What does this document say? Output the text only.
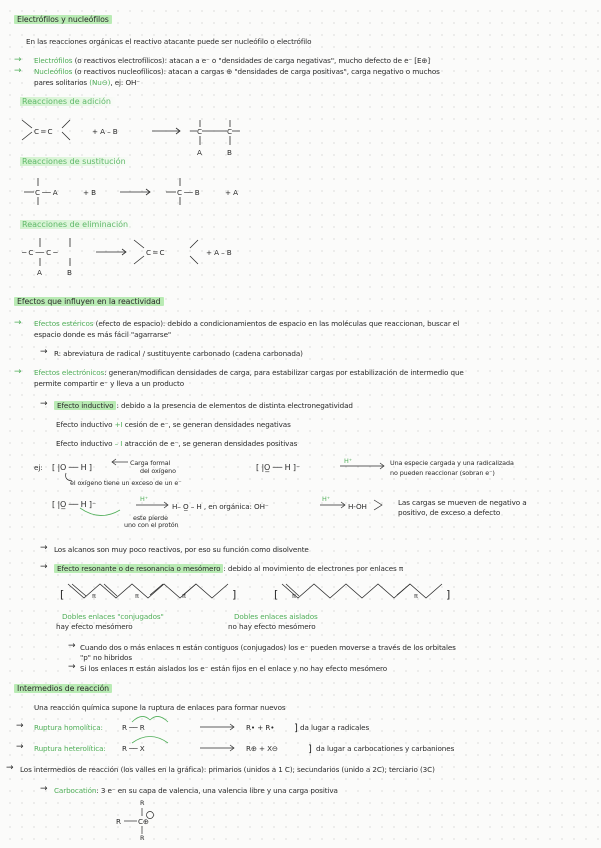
Electrófilos y nucleófilos
En las reacciones orgánicas el reactivo atacante puede ser nucleófilo o electrófilo
→ Electrófilos (o reactivos electrofílicos): atacan a e⁻ o "densidades de carga negativas", mucho defecto de e⁻ [E⊕]
→ Nucleófilos (o reactivos nucleofílicos): atacan a cargas ⊕ "densidades de carga positivas", carga negativo o muchos
pares solitarios (Nu⊖), ej: OH⁻
Reacciones de adición
C ═ C	+ A – B	C	C
A	B
Reacciones de sustitución
C ── A	+ B	C ── B	+ A
Reacciones de eliminación
─ C ── C ─
A	B
C ═ C	+ A – B
Efectos que influyen en la reactividad
→ Efectos estéricos (efecto de espacio): debido a condicionamientos de espacio en las moléculas que reaccionan, buscar el
espacio donde es más fácil "agarrarse"
→ R: abreviatura de radical / sustituyente carbonado (cadena carbonada)
→ Efectos electrónicos: generan/modifican densidades de carga, para estabilizar cargas por estabilización de intermedio que
permite compartir e⁻ y lleva a un producto
→	Efecto inductivo : debido a la presencia de elementos de distinta electronegatividad
Efecto inductivo +I cesión de e⁻, se generan densidades negativas
Efecto inductivo – I atracción de e⁻, se generan densidades positivas
ej: [ |O ── H ]	Carga formal
del oxígeno
el oxígeno tiene un exceso de un e⁻
[ |O̲ ── H ]⁻
H⁺	Una especie cargada y una radicalizada
no pueden reaccionar (sobran e⁻)
[ |O̲ ── H ]⁻
H⁺
H– O̲ – H , en orgánica: OH⁻
H⁺
H-OH
este pierde
uno con el protón
Las cargas se mueven de negativo a
positivo, de exceso a defecto
→ Los alcanos son muy poco reactivos, por eso su función como disolvente
→	Efecto resonante o de resonancia o mesómero : debido al movimiento de electrones por enlaces π
[	]	[	]
π	π	π	π	π
Dobles enlaces "conjugados"
hay efecto mesómero
Dobles enlaces aislados
no hay efecto mesómero
→ Cuando dos o más enlaces π están contiguos (conjugados) los e⁻ pueden moverse a través de los orbitales
"p" no hibridos
→ Si los enlaces π están aislados los e⁻ están fijos en el enlace y no hay efecto mesómero
Intermedios de reacción
Una reacción química supone la ruptura de enlaces para formar nuevos
→ Ruptura homolítica:	R ── R	R• + R•	da lugar a radicales
→ Ruptura heterolítica: R ── X	R⊕ + X⊖	da lugar a carbocationes y carbaniones
]
]
→ Los intermedios de reacción (los valles en la gráfica): primarios (unidos a 1 C); secundarios (unido a 2C); terciario (3C)
→ Carbocatión: 3 e⁻ en su capa de valencia, una valencia libre y una carga positiva
R
R C⊕
R
